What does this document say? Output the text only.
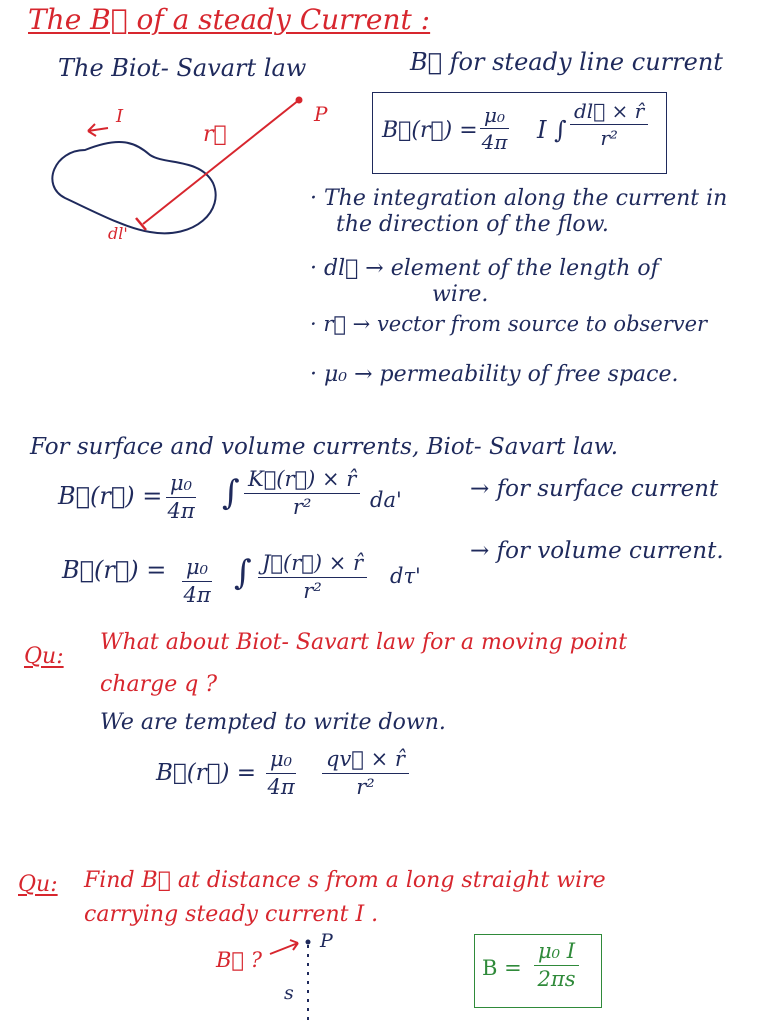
The B⃗ of a steady Current :
The Biot- Savart law
I
r⃗
P
dl'
B⃗ for steady line current
B⃗(r⃗) = $\frac{\text{μ₀}}{4\pi}$ I ∫ $\frac{dl⃗ \times r̂}{\text{r²}}$
· The integration along the current in
the direction of the flow.
· dl⃗ → element of the length of
wire.
· r⃗ → vector from source to observer
· μ₀ → permeability of free space.
For surface and volume currents, Biot- Savart law.
B⃗(r⃗) = $\frac{\text{μ₀}}{4\pi}$ ∫ $\frac{K⃗(r⃗) \times r̂}{\text{r²}} da'$	→ for surface current
B⃗(r⃗) = $\frac{\text{μ₀}}{4\pi}$ ∫ $\frac{J⃗(r⃗) \times r̂}{\text{r²}} d\tau'$
→ for volume current.
Qu:
What about Biot- Savart law for a moving point
charge q ?
We are tempted to write down.
B⃗(r⃗) = $\frac{\text{μ₀}}{4\pi} \frac{qv⃗ \times r̂}{\text{r²}}$
Qu: Find B⃗ at distance s from a long straight wire
carrying steady current I .
B⃗ ?
P
s
$B = \frac{\text{μ₀ I}}{2\pi s}$
